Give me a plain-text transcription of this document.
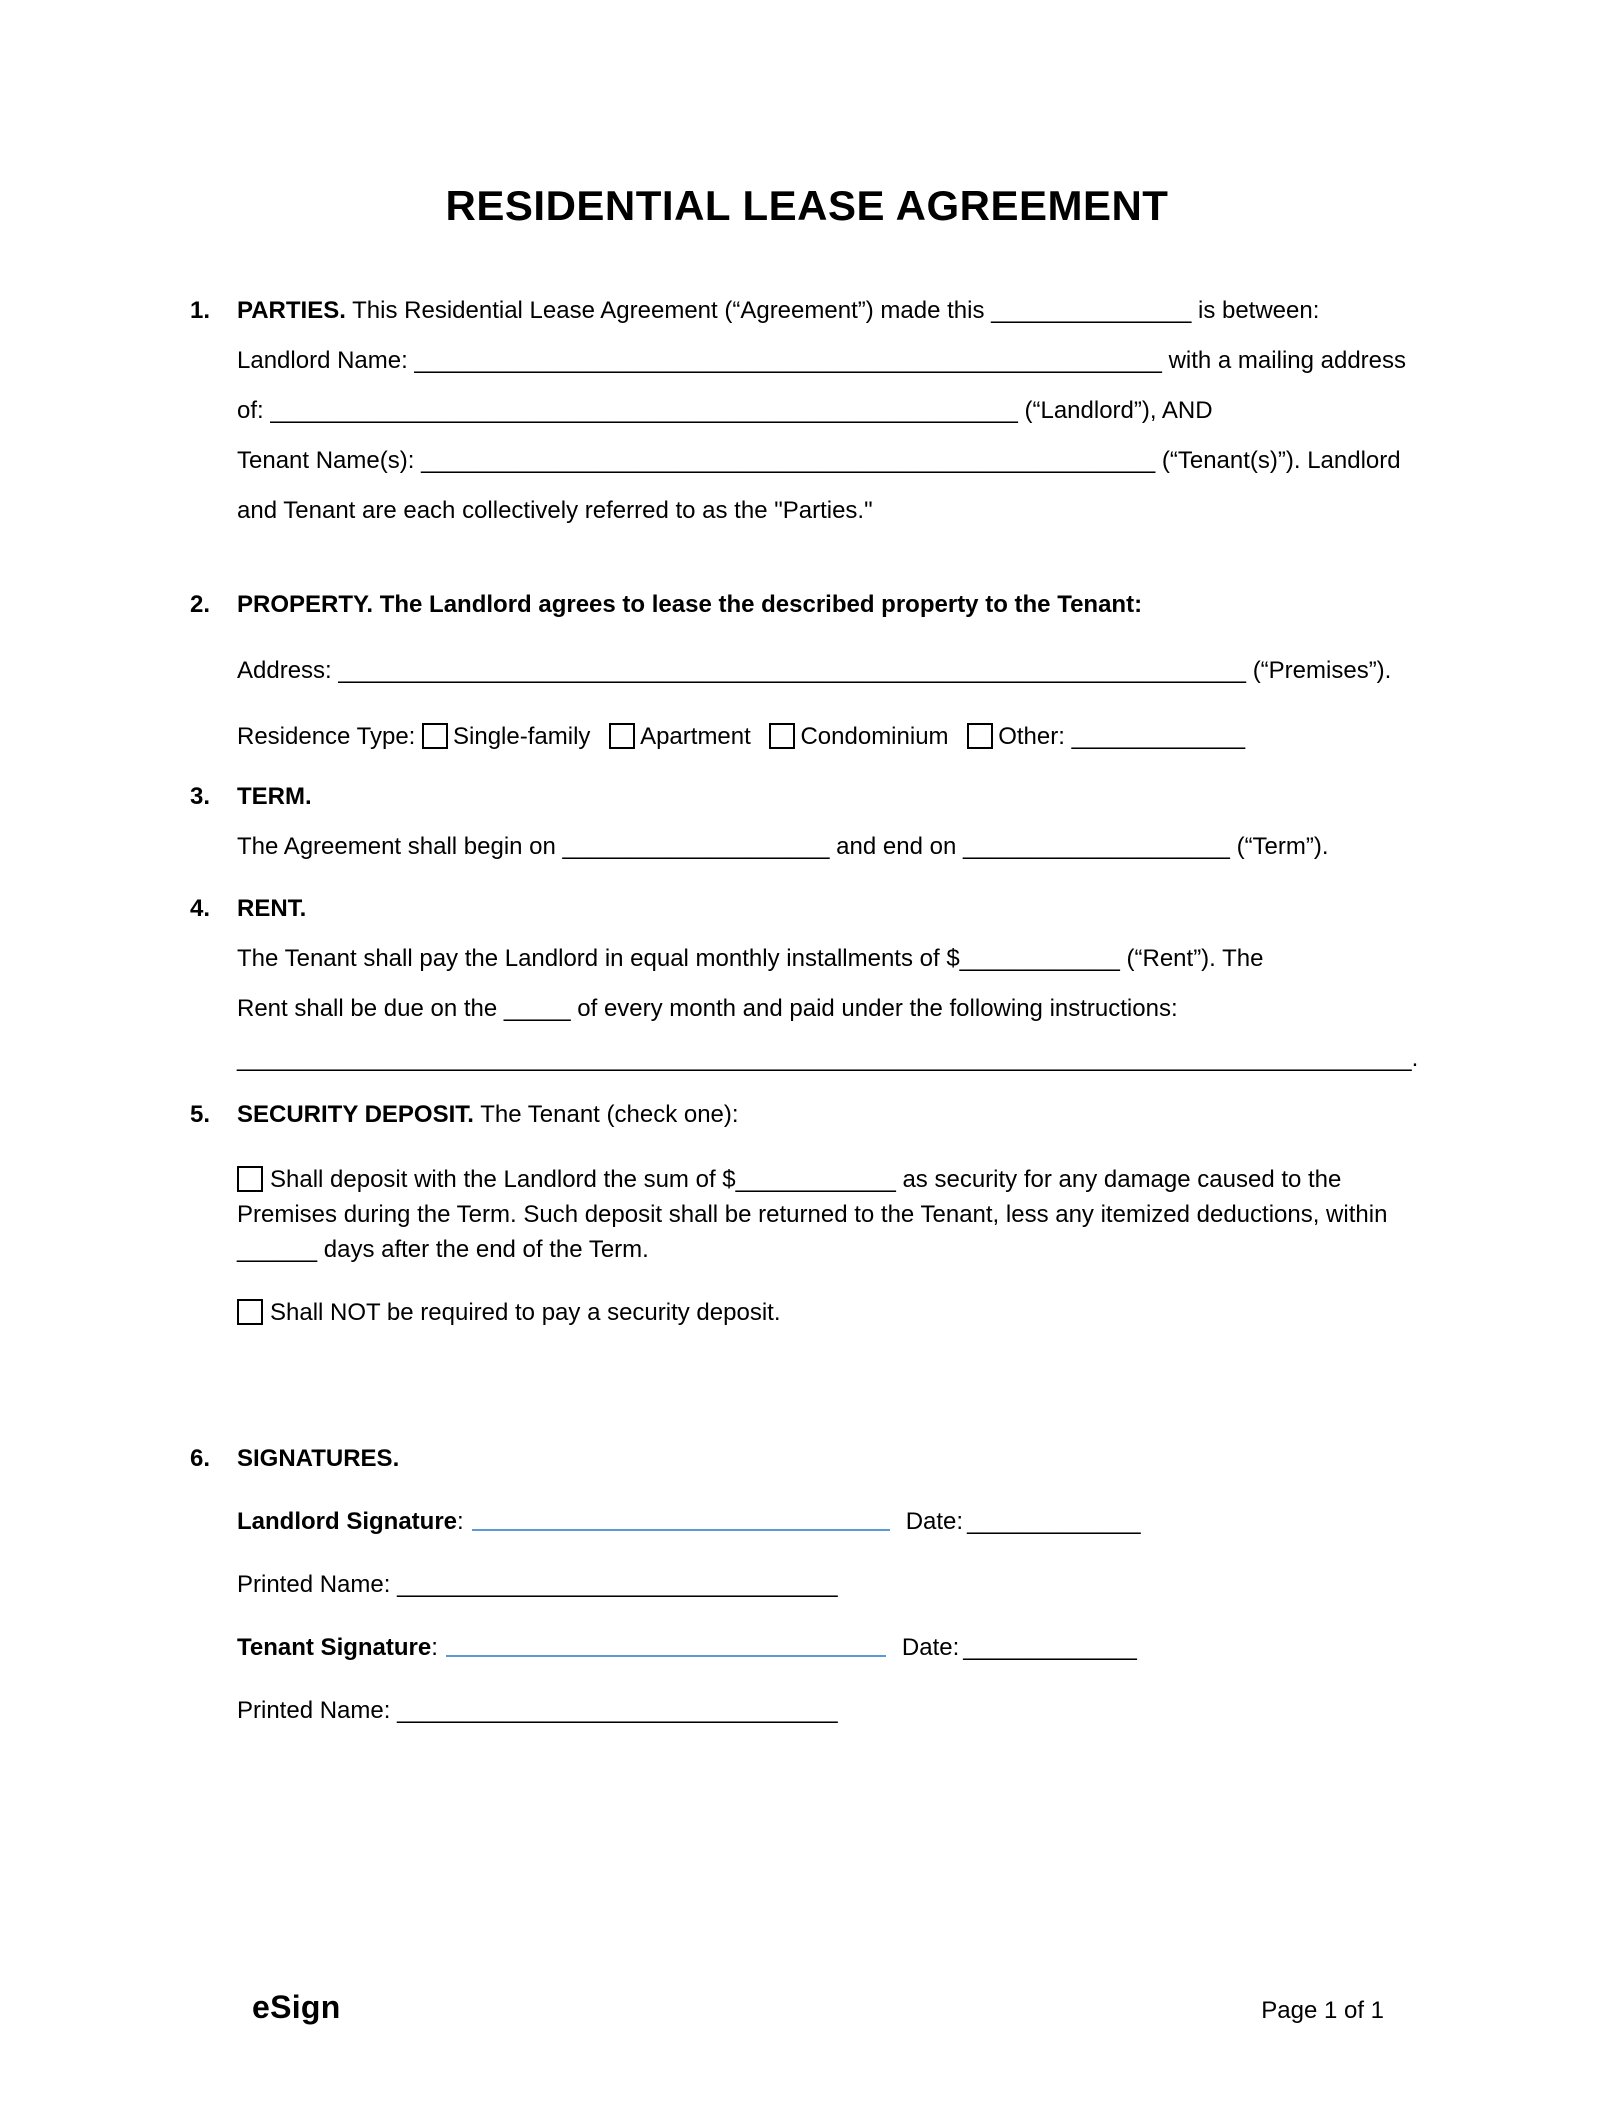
RESIDENTIAL LEASE AGREEMENT
1.	PARTIES. This Residential Lease Agreement (“Agreement”) made this _______________ is between:
Landlord Name: ________________________________________________________ with a mailing address
of: ________________________________________________________ (“Landlord”), AND
Tenant Name(s): _______________________________________________________ (“Tenant(s)”). Landlord
and Tenant are each collectively referred to as the "Parties."
2.	PROPERTY. The Landlord agrees to lease the described property to the Tenant:
Address: ____________________________________________________________________ (“Premises”).
Residence Type: Single-family Apartment Condominium Other: _____________
3.	TERM.
The Agreement shall begin on ____________________ and end on ____________________ (“Term”).
4.	RENT.
The Tenant shall pay the Landlord in equal monthly installments of $____________ (“Rent”). The
Rent shall be due on the _____ of every month and paid under the following instructions:
________________________________________________________________________________________.
5.	SECURITY DEPOSIT. The Tenant (check one):
Shall deposit with the Landlord the sum of $____________ as security for any damage caused to the Premises during the Term. Such deposit shall be returned to the Tenant, less any itemized deductions, within ______ days after the end of the Term.
Shall NOT be required to pay a security deposit.
6.	SIGNATURES.
Landlord Signature:	Date: _____________
Printed Name: _________________________________
Tenant Signature:	Date: _____________
Printed Name: _________________________________
eSign	Page 1 of 1
